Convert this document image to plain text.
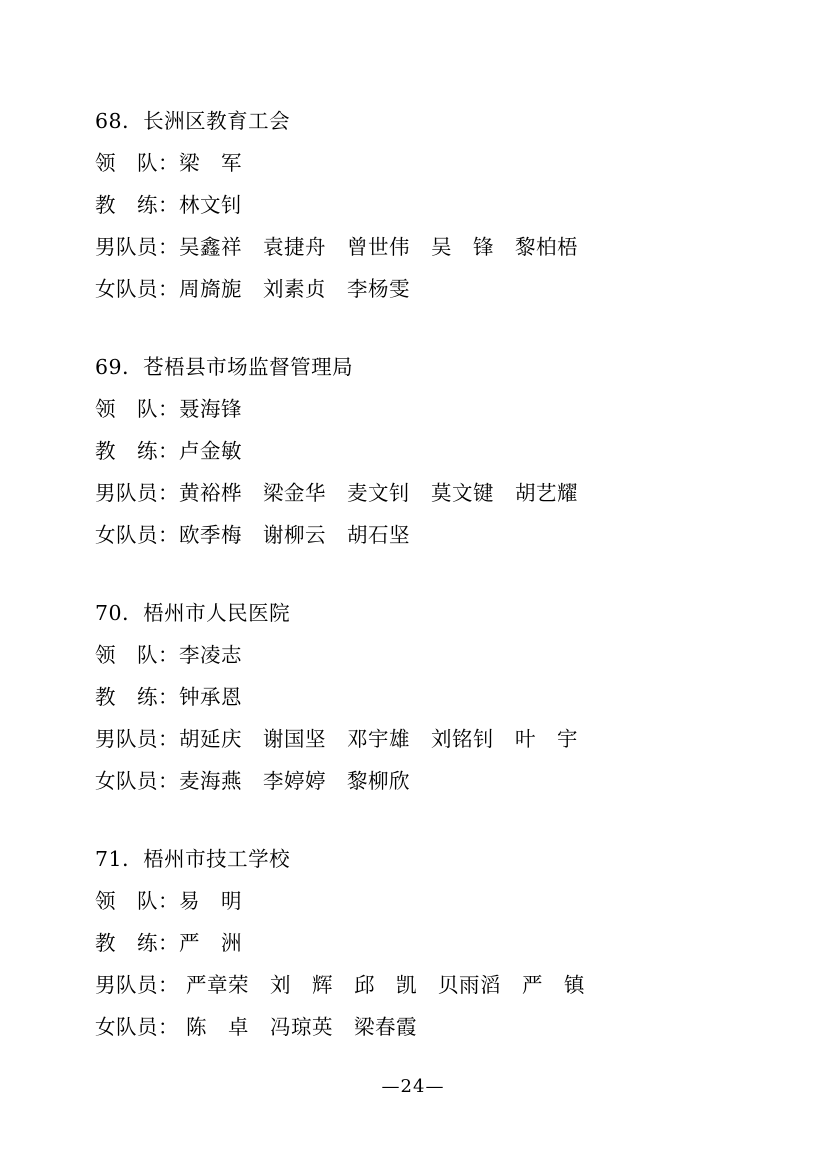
68．长洲区教育工会
领　队：梁　军
教　练：林文钊
男队员：吴鑫祥　袁捷舟　曾世伟　吴　锋　黎柏梧
女队员：周旖旎　刘素贞　李杨雯
69．苍梧县市场监督管理局
领　队：聂海锋
教　练：卢金敏
男队员：黄裕桦　梁金华　麦文钊　莫文键　胡艺耀
女队员：欧季梅　谢柳云　胡石坚
70．梧州市人民医院
领　队：李凌志
教　练：钟承恩
男队员：胡延庆　谢国坚　邓宇雄　刘铭钊　叶　宇
女队员：麦海燕　李婷婷　黎柳欣
71．梧州市技工学校
领　队：易　明
教　练：严　洲
男队员： 严章荣　刘　辉　邱　凯　贝雨滔　严　镇
女队员： 陈　卓　冯琼英　梁春霞
—24—
